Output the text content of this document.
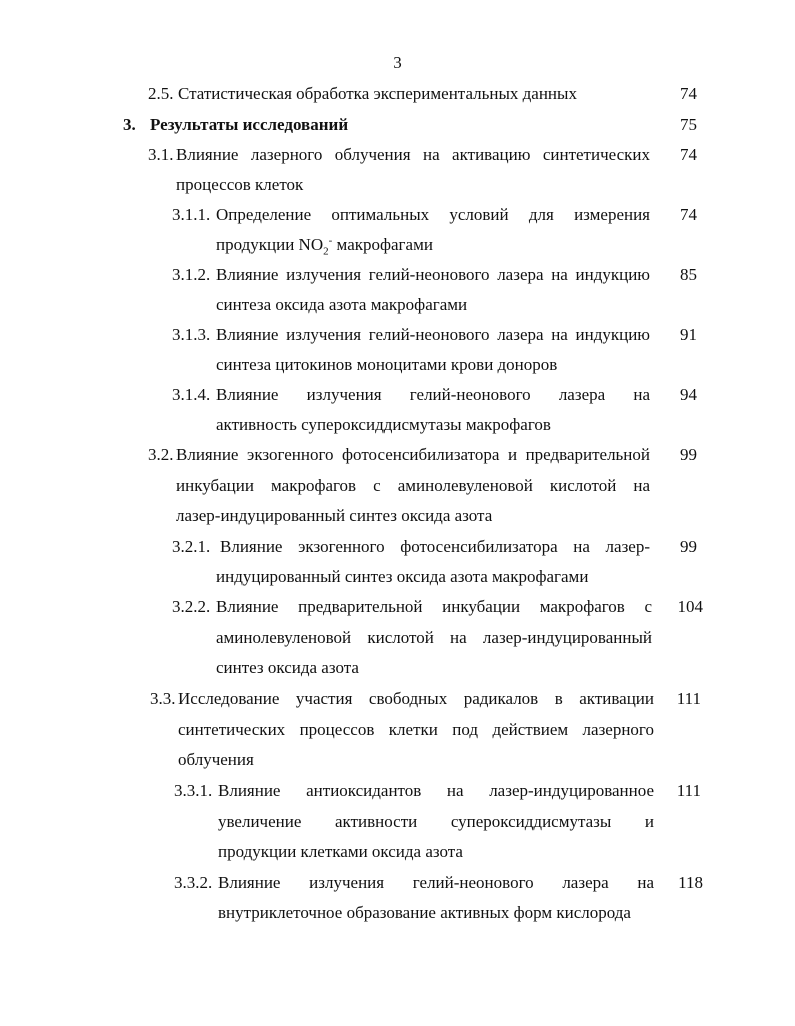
3
2.5. Статистическая обработка экспериментальных данных	74
3. Результаты исследований	75
3.1. Влияние лазерного облучения на активацию синтетических
процессов клеток
74
3.1.1. Определение оптимальных условий для измерения
продукции $NO_2^-$ макрофагами
74
3.1.2. Влияние излучения гелий-неонового лазера на индукцию
синтеза оксида азота макрофагами
85
3.1.3. Влияние излучения гелий-неонового лазера на индукцию
синтеза цитокинов моноцитами крови доноров
91
3.1.4. Влияние излучения гелий-неонового лазера на
активность супероксиддисмутазы макрофагов
94
3.2. Влияние экзогенного фотосенсибилизатора и предварительной
инкубации макрофагов с аминолевуленовой кислотой на
лазер-индуцированный синтез оксида азота
99
3.2.1. Влияние экзогенного фотосенсибилизатора на лазер-
индуцированный синтез оксида азота макрофагами
99
3.2.2. Влияние предварительной инкубации макрофагов с
аминолевуленовой кислотой на лазер-индуцированный
синтез оксида азота
104
3.3. Исследование участия свободных радикалов в активации
синтетических процессов клетки под действием лазерного
облучения
111
3.3.1. Влияние антиоксидантов на лазер-индуцированное
увеличение активности супероксиддисмутазы и
продукции клетками оксида азота
111
3.3.2. Влияние излучения гелий-неонового лазера на
внутриклеточное образование активных форм кислорода
118
